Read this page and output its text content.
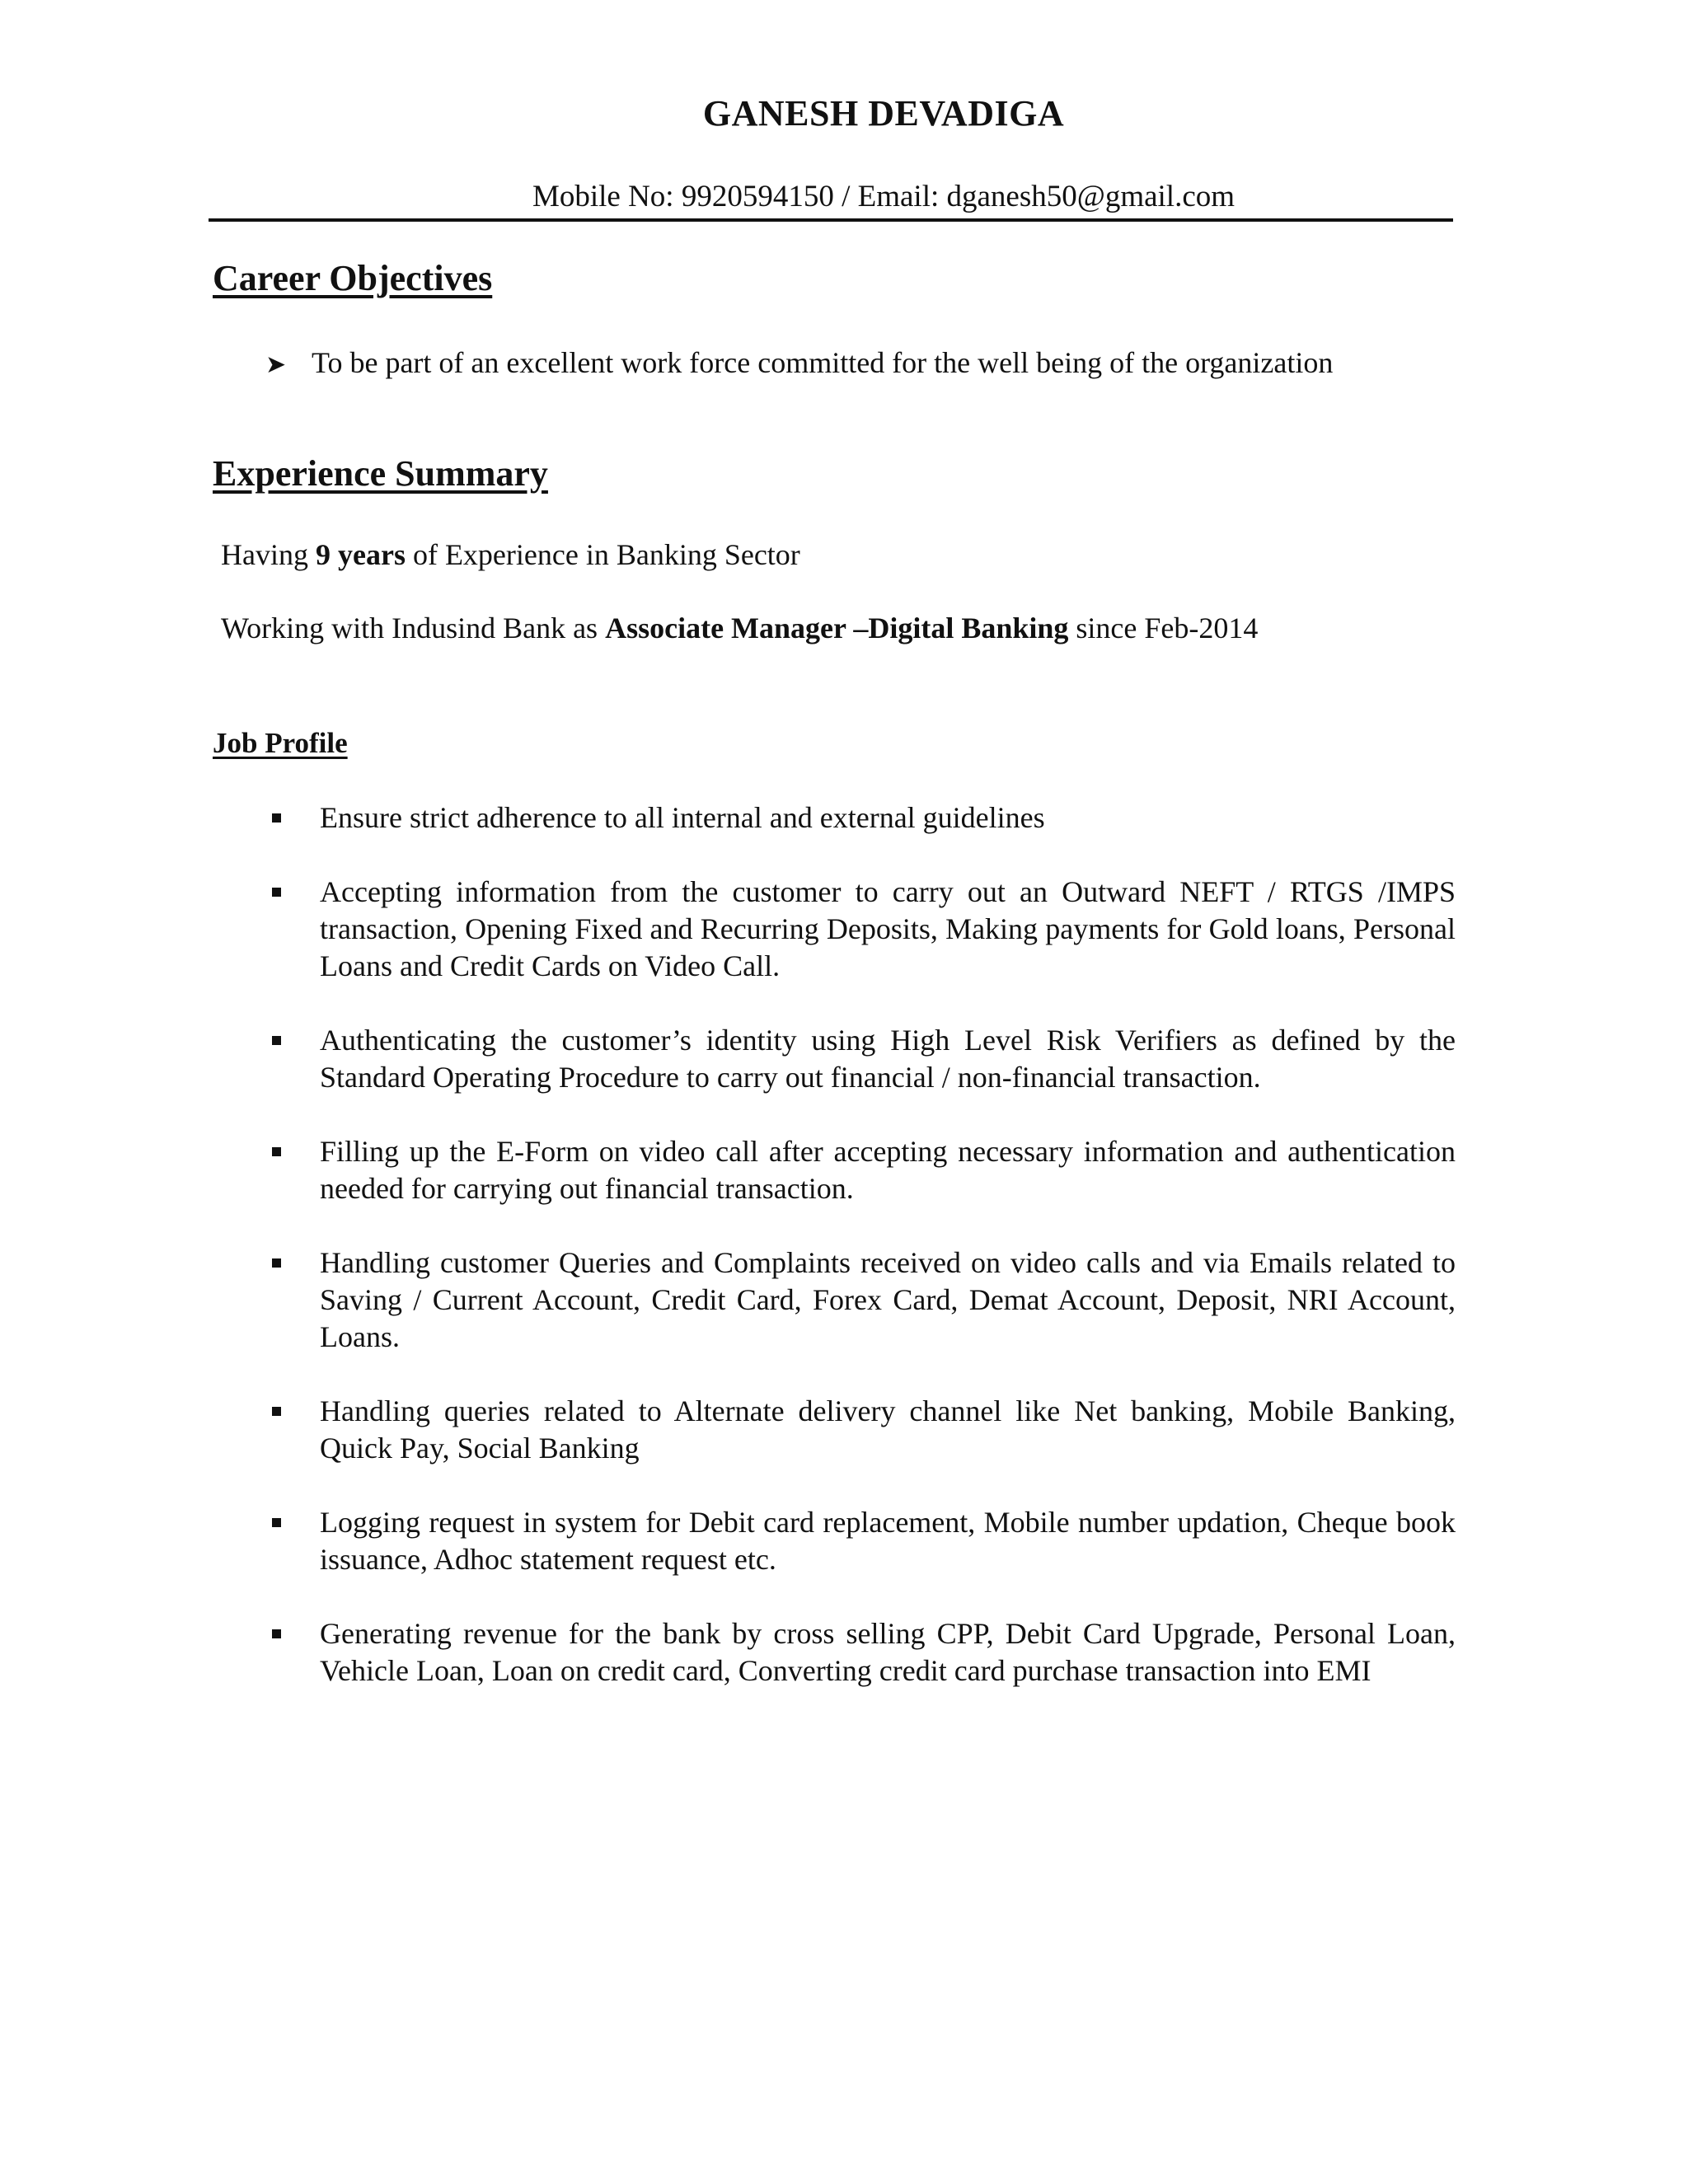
GANESH DEVADIGA

Mobile No: 9920594150 / Email: dganesh50@gmail.com

Career Objectives

➤ To be part of an excellent work force committed for the well being of the organization

Experience Summary

Having 9 years of Experience in Banking Sector

Working with Indusind Bank as Associate Manager –Digital Banking since Feb-2014

Job Profile
Ensure strict adherence to all internal and external guidelines
Accepting information from the customer to carry out an Outward NEFT / RTGS /IMPS transaction, Opening Fixed and Recurring Deposits, Making payments for Gold loans, Personal Loans and Credit Cards on Video Call.
Authenticating the customer’s identity using High Level Risk Verifiers as defined by the Standard Operating Procedure to carry out financial / non-financial transaction.
Filling up the E-Form on video call after accepting necessary information and authentication needed for carrying out financial transaction.
Handling customer Queries and Complaints received on video calls and via Emails related to Saving / Current Account, Credit Card, Forex Card, Demat Account, Deposit, NRI Account, Loans.
Handling queries related to Alternate delivery channel like Net banking, Mobile Banking, Quick Pay, Social Banking
Logging request in system for Debit card replacement, Mobile number updation, Cheque book issuance, Adhoc statement request etc.
Generating revenue for the bank by cross selling CPP, Debit Card Upgrade, Personal Loan, Vehicle Loan, Loan on credit card, Converting credit card purchase transaction into EMI
